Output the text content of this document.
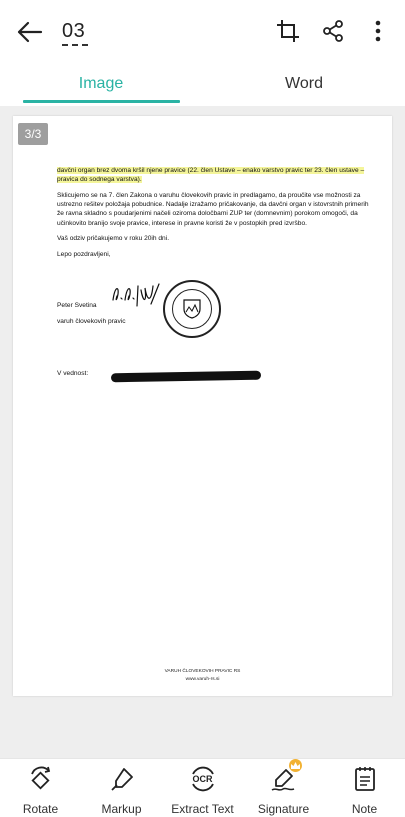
03
Image	Word
3/3

davčni organ brez dvoma kršil njene pravice (22. člen Ustave – enako varstvo pravic ter 23. člen ustave – pravica do sodnega varstva).

Sklicujemo se na 7. člen Zakona o varuhu človekovih pravic in predlagamo, da proučite vse možnosti za ustrezno rešitev položaja pobudnice. Nadalje izražamo pričakovanje, da davčni organ v istovrstnih primerih že ravna skladno s poudarjenimi načeli oziroma določbami ZUP ter (domnevnim) porokom omogoči, da učinkovito branijo svoje pravice, interese in pravne koristi že v postopkih pred izvršbo.

Vaš odziv pričakujemo v roku 20ih dni.

Lepo pozdravljeni,

Peter Svetina
varuh človekovih pravic
V vednost:
VARUH ČLOVEKOVIH PRAVIC RS
www.varuh-rs.si
Rotate	Markup
OCR
Extract Text Signature	Note
